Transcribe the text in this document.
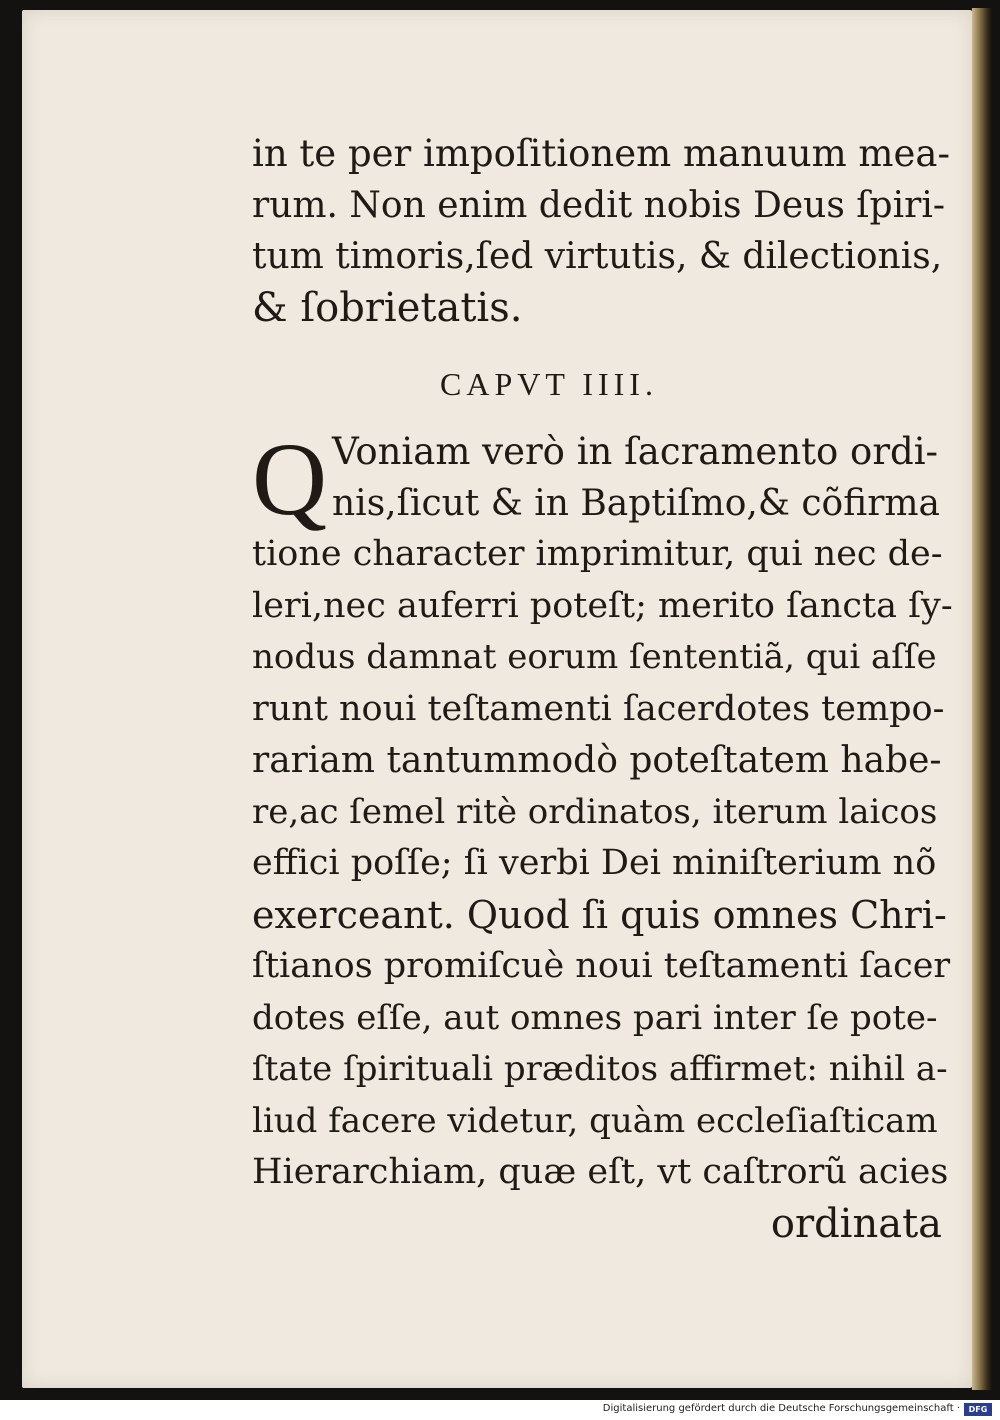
in te per impoſitionem manuum mea-
rum. Non enim dedit nobis Deus ſpiri-
tum timoris,ſed virtutis, & dilectionis,
& ſobrietatis.
CAPVT IIII.
Voniam verò in ſacramento ordi-
nis,ſicut & in Baptiſmo,& cõfirma
tione character imprimitur, qui nec de-
leri,nec auferri poteſt; merito ſancta ſy-
nodus damnat eorum ſententiã, qui aſſe
runt noui teſtamenti ſacerdotes tempo-
rariam tantummodò poteſtatem habe-
re,ac ſemel ritè ordinatos, iterum laicos
effici poſſe; ſi verbi Dei miniſterium nõ
exerceant. Quod ſi quis omnes Chri-
ſtianos promiſcuè noui teſtamenti ſacer
dotes eſſe, aut omnes pari inter ſe pote-
ſtate ſpirituali præditos affirmet: nihil a-
liud facere videtur, quàm eccleſiaſticam
Hierarchiam, quæ eſt, vt caſtrorũ acies
ordinata
Q
Digitalisierung gefördert durch die Deutsche Forschungsgemeinschaft ·	DFG
